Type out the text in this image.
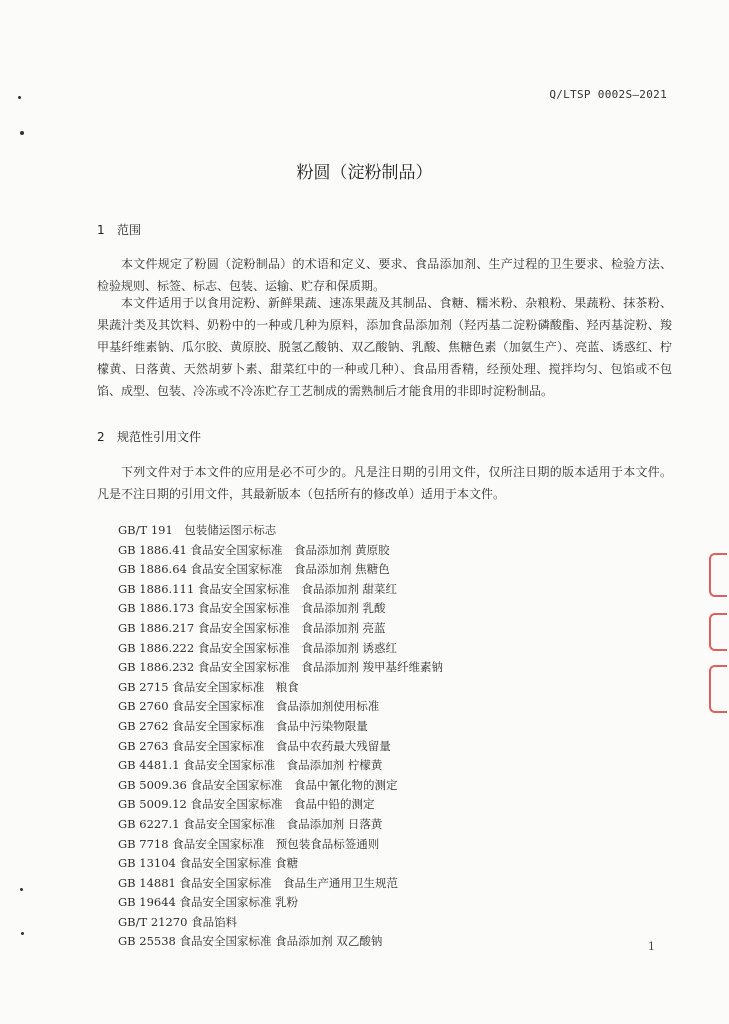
Q/LTSP 0002S—2021
粉圆（淀粉制品）
1 范围

本文件规定了粉圆（淀粉制品）的术语和定义、要求、食品添加剂、生产过程的卫生要求、检验方法、检验规则、标签、标志、包装、运输、贮存和保质期。

本文件适用于以食用淀粉、新鲜果蔬、速冻果蔬及其制品、食糖、糯米粉、杂粮粉、果蔬粉、抹茶粉、果蔬汁类及其饮料、奶粉中的一种或几种为原料，添加食品添加剂（羟丙基二淀粉磷酸酯、羟丙基淀粉、羧甲基纤维素钠、瓜尔胶、黄原胶、脱氢乙酸钠、双乙酸钠、乳酸、焦糖色素（加氨生产）、亮蓝、诱惑红、柠檬黄、日落黄、天然胡萝卜素、甜菜红中的一种或几种）、食品用香精，经预处理、搅拌均匀、包馅或不包馅、成型、包装、冷冻或不冷冻贮存工艺制成的需熟制后才能食用的非即时淀粉制品。

2 规范性引用文件

下列文件对于本文件的应用是必不可少的。凡是注日期的引用文件，仅所注日期的版本适用于本文件。凡是不注日期的引用文件，其最新版本（包括所有的修改单）适用于本文件。

GB/T 191　包装储运图示标志
GB 1886.41 食品安全国家标准　食品添加剂 黄原胶
GB 1886.64 食品安全国家标准　食品添加剂 焦糖色
GB 1886.111 食品安全国家标准　食品添加剂 甜菜红
GB 1886.173 食品安全国家标准　食品添加剂 乳酸
GB 1886.217 食品安全国家标准　食品添加剂 亮蓝
GB 1886.222 食品安全国家标准　食品添加剂 诱惑红
GB 1886.232 食品安全国家标准　食品添加剂 羧甲基纤维素钠
GB 2715 食品安全国家标准　粮食
GB 2760 食品安全国家标准　食品添加剂使用标准
GB 2762 食品安全国家标准　食品中污染物限量
GB 2763 食品安全国家标准　食品中农药最大残留量
GB 4481.1 食品安全国家标准　食品添加剂 柠檬黄
GB 5009.36 食品安全国家标准　食品中氰化物的测定
GB 5009.12 食品安全国家标准　食品中铅的测定
GB 6227.1 食品安全国家标准　食品添加剂 日落黄
GB 7718 食品安全国家标准　预包装食品标签通则
GB 13104 食品安全国家标准 食糖
GB 14881 食品安全国家标准　食品生产通用卫生规范
GB 19644 食品安全国家标准 乳粉
GB/T 21270 食品馅料
GB 25538 食品安全国家标准 食品添加剂 双乙酸钠	1
